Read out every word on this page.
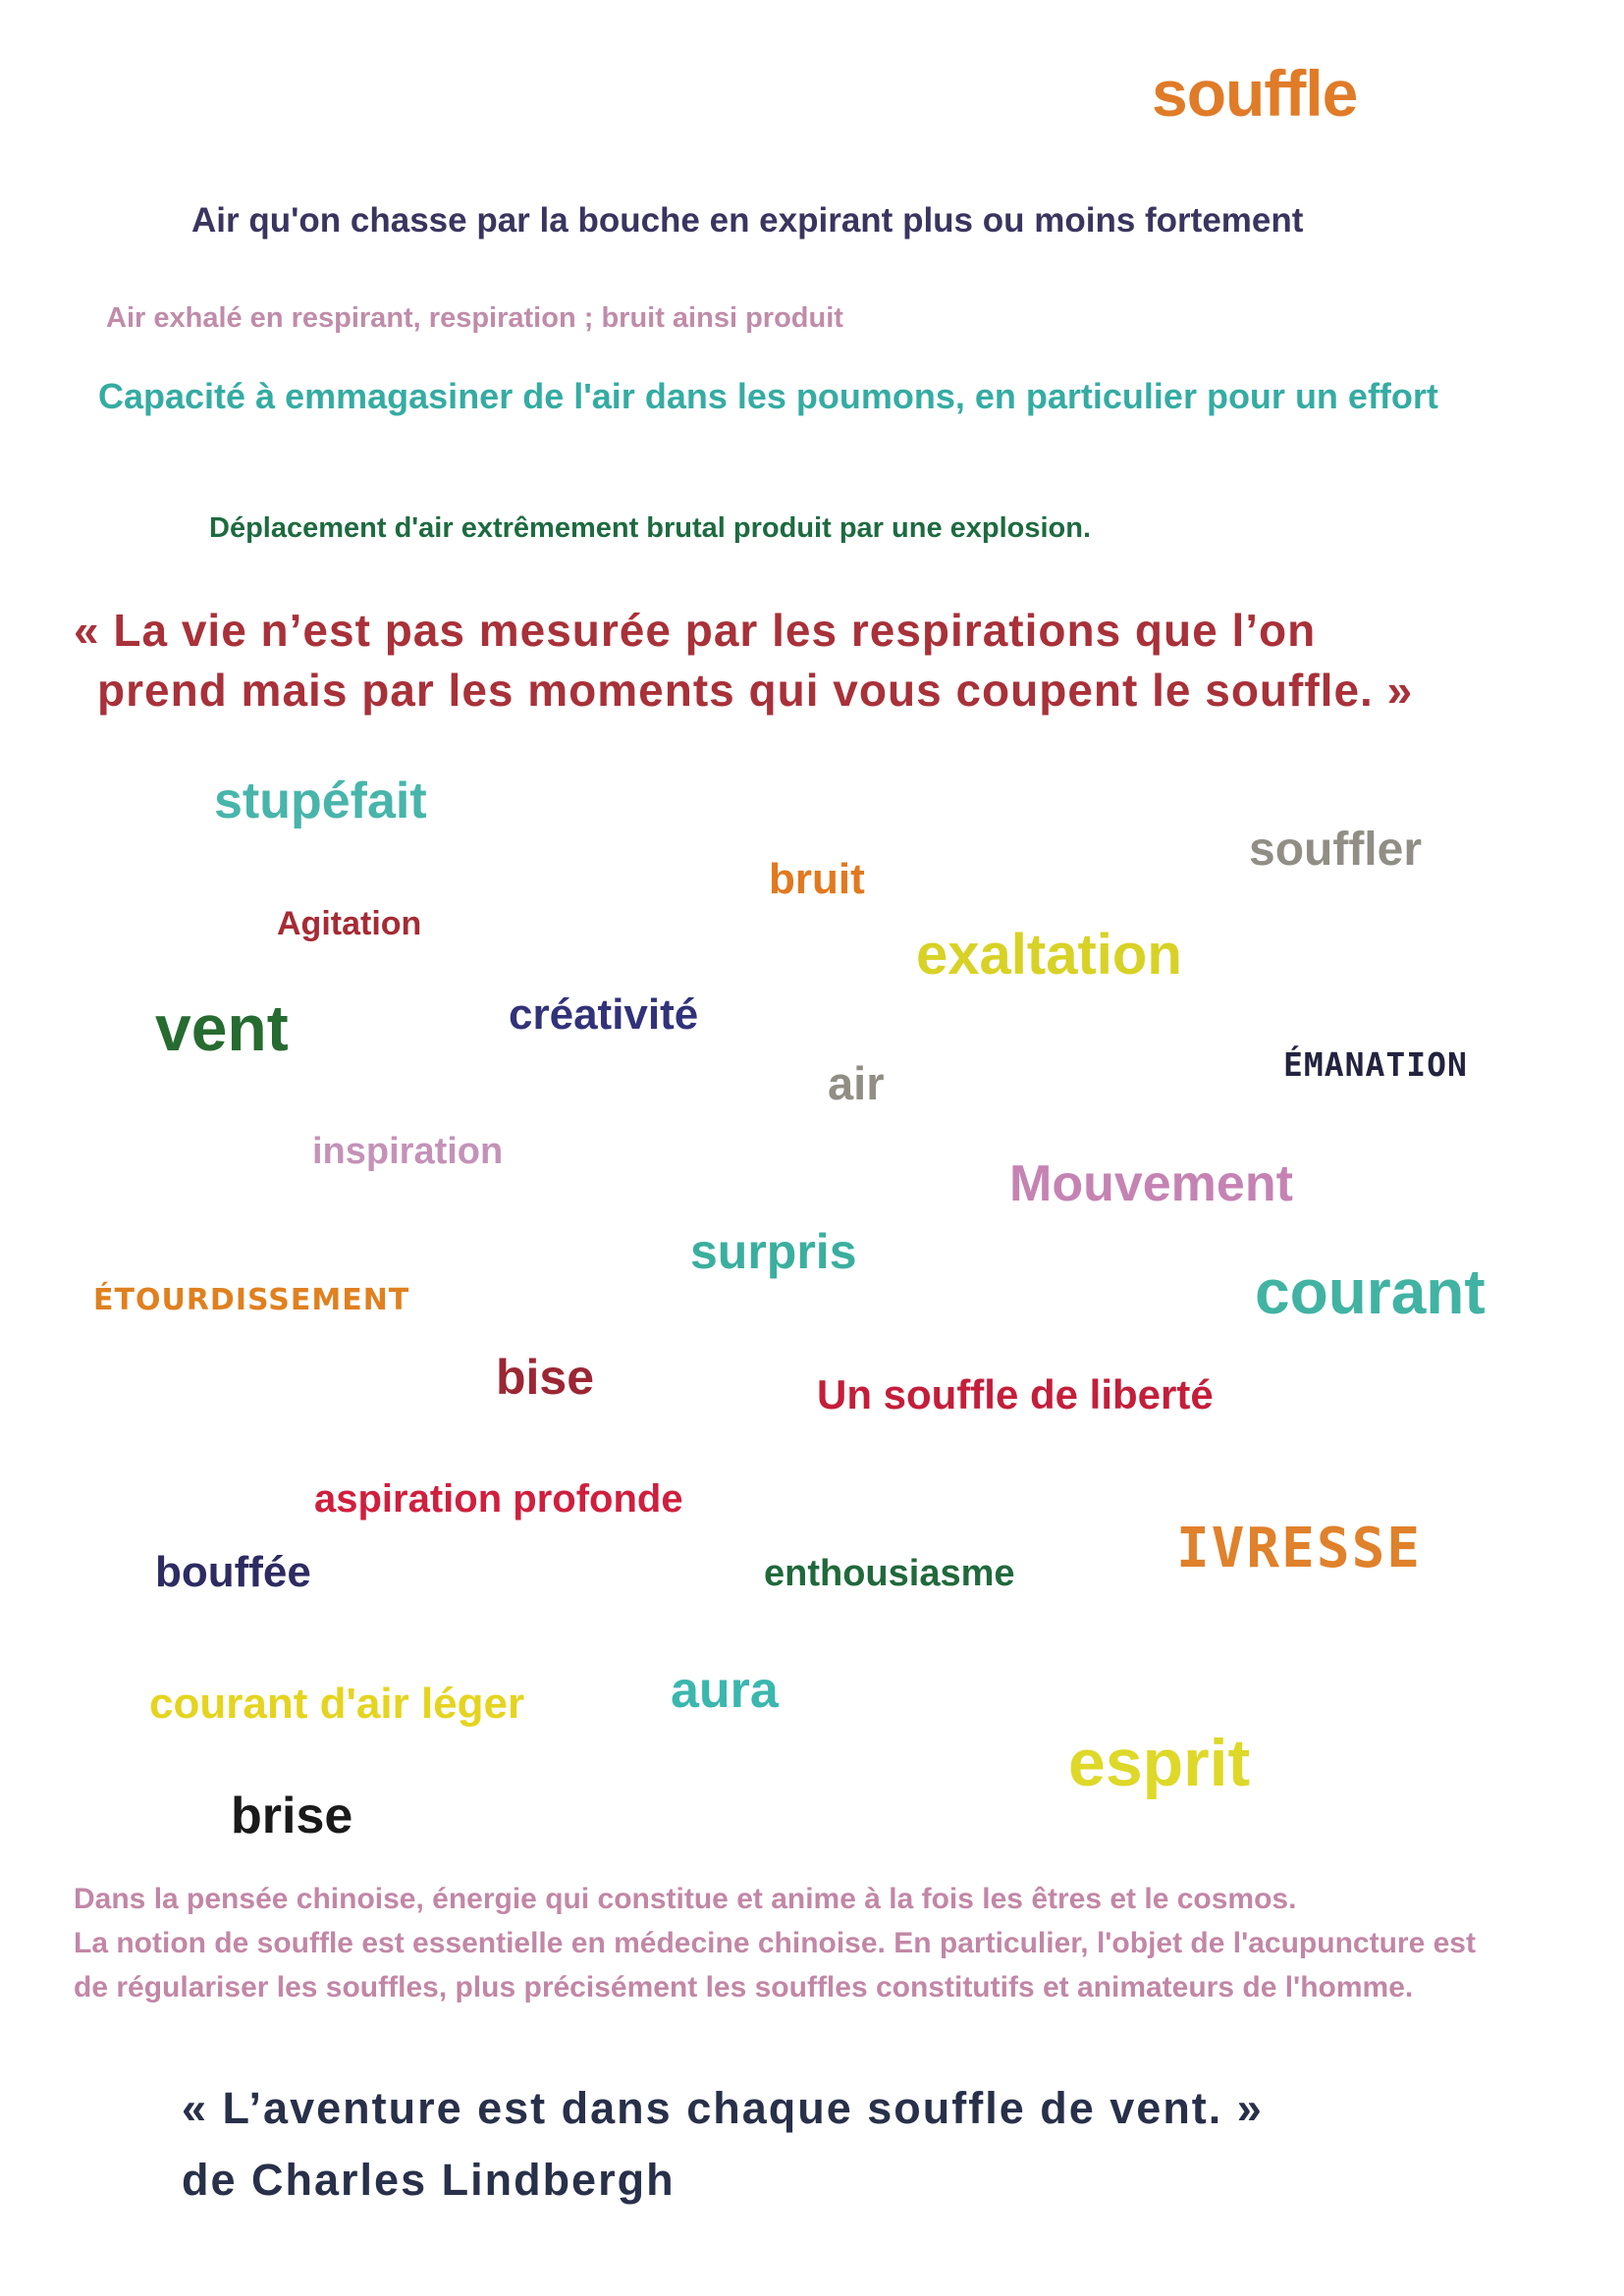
souffle
Air qu'on chasse par la bouche en expirant plus ou moins fortement
Air exhalé en respirant, respiration ; bruit ainsi produit
Capacité à emmagasiner de l'air dans les poumons, en particulier pour un effort
Déplacement d'air extrêmement brutal produit par une explosion.
« La vie n’est pas mesurée par les respirations que l’on
prend mais par les moments qui vous coupent le souffle. »
stupéfait
souffler
bruit
Agitation	exaltation
vent	créativité
air	ÉMANATION
inspiration
Mouvement
surpris
ÉTOURDISSEMENT	courant
bise	Un souffle de liberté
aspiration profonde
IVRESSE
bouffée	enthousiasme
courant d'air léger	aura
esprit
brise
Dans la pensée chinoise, énergie qui constitue et anime à la fois les êtres et le cosmos.
La notion de souffle est essentielle en médecine chinoise. En particulier, l'objet de l'acupuncture est
de régulariser les souffles, plus précisément les souffles constitutifs et animateurs de l'homme.
« L’aventure est dans chaque souffle de vent. »
de Charles Lindbergh
